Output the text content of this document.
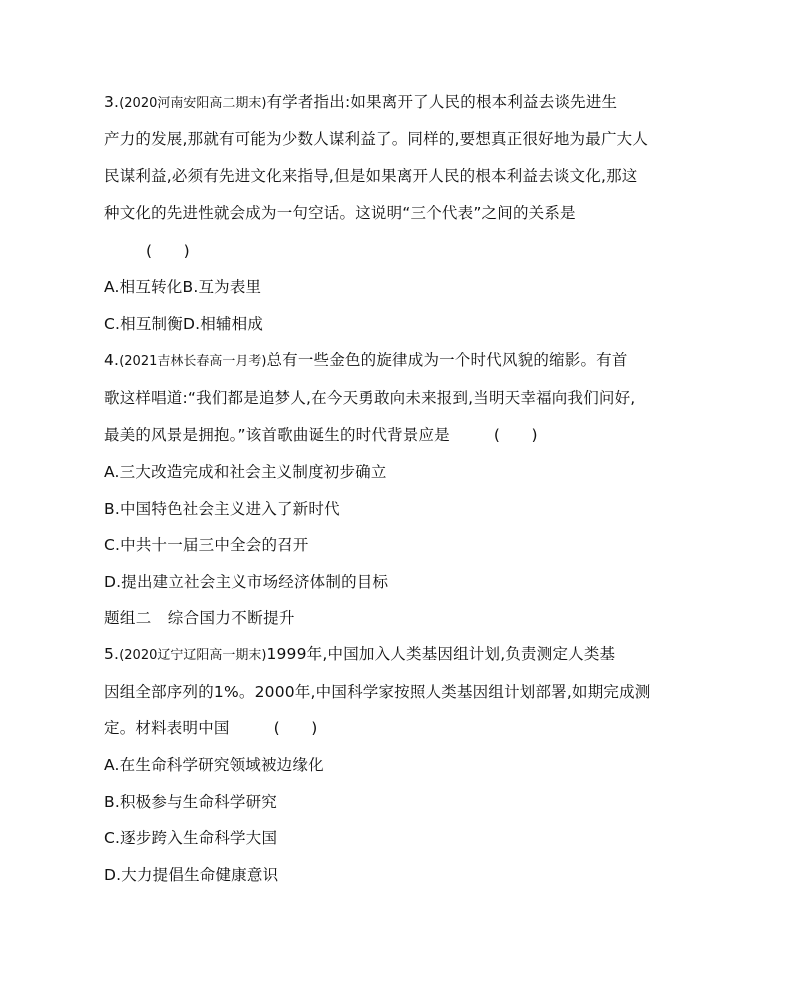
3.(2020河南安阳高二期末)有学者指出:如果离开了人民的根本利益去谈先进生
产力的发展,那就有可能为少数人谋利益了。同样的,要想真正很好地为最广大人
民谋利益,必须有先进文化来指导,但是如果离开人民的根本利益去谈文化,那这
种文化的先进性就会成为一句空话。这说明“三个代表”之间的关系是
(　　)
A.相互转化B.互为表里
C.相互制衡D.相辅相成
4.(2021吉林长春高一月考)总有一些金色的旋律成为一个时代风貌的缩影。有首
歌这样唱道:“我们都是追梦人,在今天勇敢向未来报到,当明天幸福向我们问好,
最美的风景是拥抱。”该首歌曲诞生的时代背景应是	(　　)
A.三大改造完成和社会主义制度初步确立
B.中国特色社会主义进入了新时代
C.中共十一届三中全会的召开
D.提出建立社会主义市场经济体制的目标
题组二 综合国力不断提升
5.(2020辽宁辽阳高一期末)1999年,中国加入人类基因组计划,负责测定人类基
因组全部序列的1%。2000年,中国科学家按照人类基因组计划部署,如期完成测
定。材料表明中国	(　　)
A.在生命科学研究领域被边缘化
B.积极参与生命科学研究
C.逐步跨入生命科学大国
D.大力提倡生命健康意识
